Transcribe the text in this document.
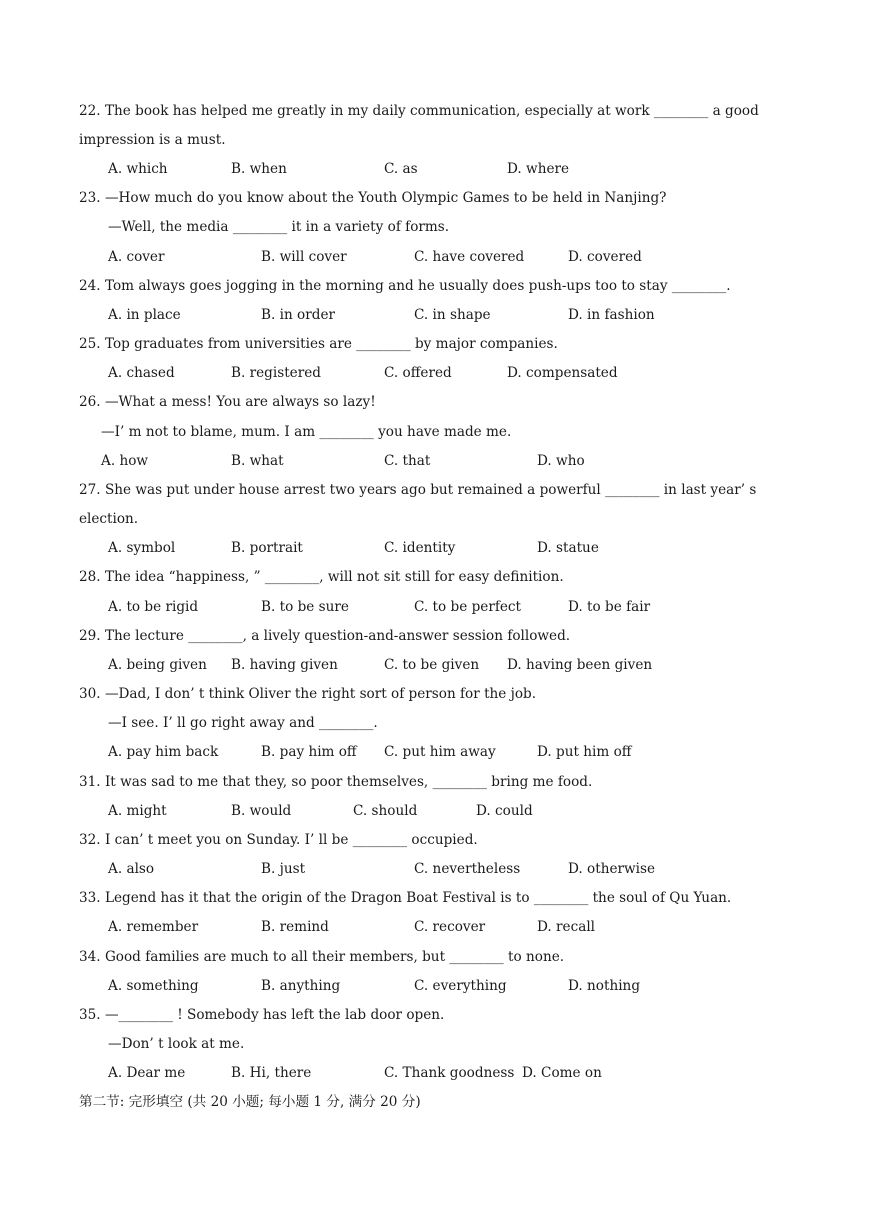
22. The book has helped me greatly in my daily communication, especially at work ________ a good
impression is a must.
A. which	B. when	C. as	D. where
23. —How much do you know about the Youth Olympic Games to be held in Nanjing?
—Well, the media ________ it in a variety of forms.
A. cover	B. will cover	C. have covered	D. covered
24. Tom always goes jogging in the morning and he usually does push-ups too to stay ________.
A. in place	B. in order	C. in shape	D. in fashion
25. Top graduates from universities are ________ by major companies.
A. chased	B. registered	C. offered	D. compensated
26. —What a mess! You are always so lazy!
—I’ m not to blame, mum. I am ________ you have made me.
A. how	B. what	C. that	D. who
27. She was put under house arrest two years ago but remained a powerful ________ in last year’ s
election.
A. symbol	B. portrait	C. identity	D. statue
28. The idea “happiness, ” ________, will not sit still for easy definition.
A. to be rigid	B. to be sure	C. to be perfect	D. to be fair
29. The lecture ________, a lively question-and-answer session followed.
A. being given B. having given	C. to be given D. having been given
30. —Dad, I don’ t think Oliver the right sort of person for the job.
—I see. I’ ll go right away and ________.
A. pay him back	B. pay him off C. put him away	D. put him off
31. It was sad to me that they, so poor themselves, ________ bring me food.
A. might	B. would	C. should	D. could
32. I can’ t meet you on Sunday. I’ ll be ________ occupied.
A. also	B. just	C. nevertheless	D. otherwise
33. Legend has it that the origin of the Dragon Boat Festival is to ________ the soul of Qu Yuan.
A. remember	B. remind	C. recover	D. recall
34. Good families are much to all their members, but ________ to none.
A. something	B. anything	C. everything	D. nothing
35. —________ ! Somebody has left the lab door open.
—Don’ t look at me.
A. Dear me	B. Hi, there	C. Thank goodness D. Come on
第二节: 完形填空 (共 20 小题; 每小题 1 分, 满分 20 分)
